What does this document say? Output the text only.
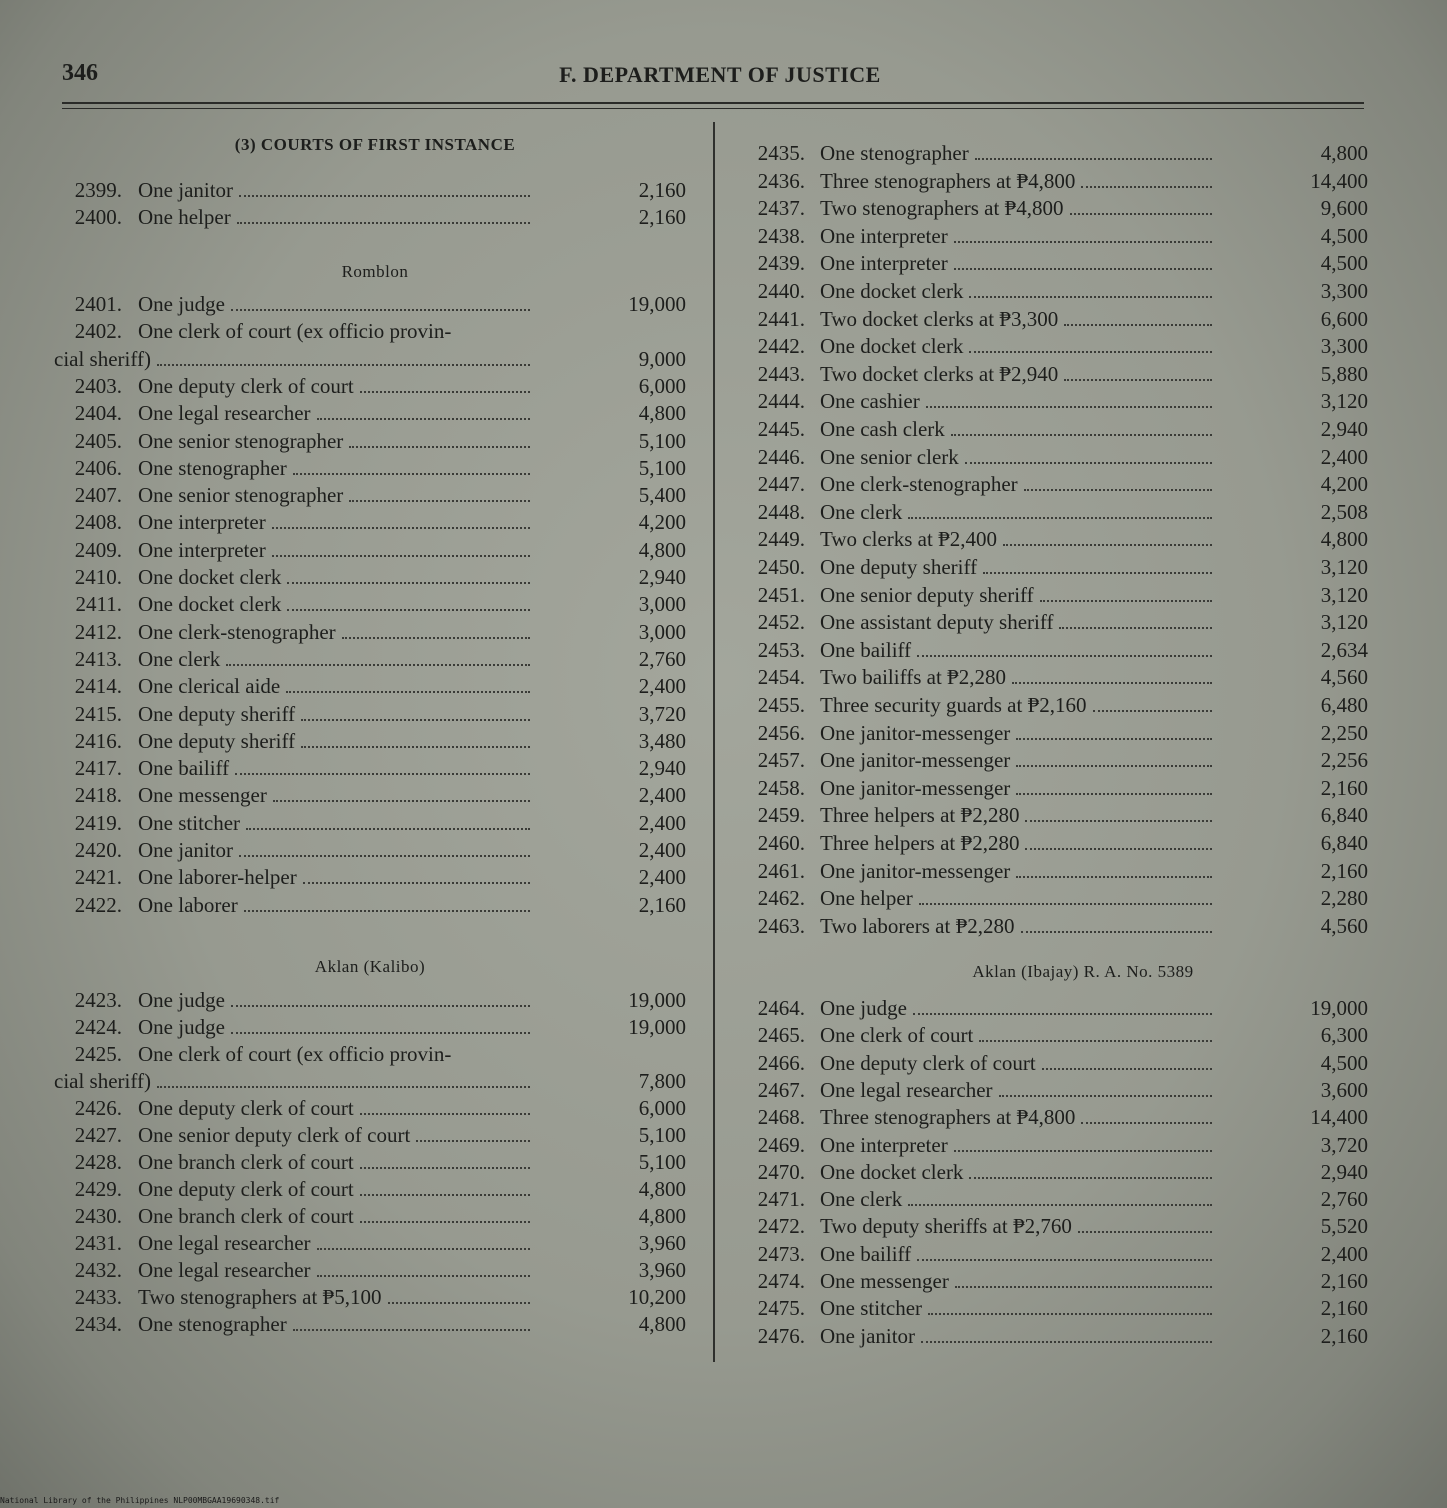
346	F. DEPARTMENT OF JUSTICE
(3) COURTS OF FIRST INSTANCE
Romblon
Aklan (Kalibo)
2399. One janitor	2,160
2400. One helper	2,160
2401. One judge	19,000
2402. One clerk of court (ex officio provin-
cial sheriff)	9,000
2403. One deputy clerk of court	6,000
2404. One legal researcher	4,800
2405. One senior stenographer	5,100
2406. One stenographer	5,100
2407. One senior stenographer	5,400
2408. One interpreter	4,200
2409. One interpreter	4,800
2410. One docket clerk	2,940
2411. One docket clerk	3,000
2412. One clerk-stenographer	3,000
2413. One clerk	2,760
2414. One clerical aide	2,400
2415. One deputy sheriff	3,720
2416. One deputy sheriff	3,480
2417. One bailiff	2,940
2418. One messenger	2,400
2419. One stitcher	2,400
2420. One janitor	2,400
2421. One laborer-helper	2,400
2422. One laborer	2,160
2423. One judge	19,000
2424. One judge	19,000
2425. One clerk of court (ex officio provin-
cial sheriff)	7,800
2426. One deputy clerk of court	6,000
2427. One senior deputy clerk of court	5,100
2428. One branch clerk of court	5,100
2429. One deputy clerk of court	4,800
2430. One branch clerk of court	4,800
2431. One legal researcher	3,960
2432. One legal researcher	3,960
2433. Two stenographers at ₱5,100	10,200
2434. One stenographer	4,800
Aklan (Ibajay) R. A. No. 5389
2435. One stenographer	4,800
2436. Three stenographers at ₱4,800	14,400
2437. Two stenographers at ₱4,800	9,600
2438. One interpreter	4,500
2439. One interpreter	4,500
2440. One docket clerk	3,300
2441. Two docket clerks at ₱3,300	6,600
2442. One docket clerk	3,300
2443. Two docket clerks at ₱2,940	5,880
2444. One cashier	3,120
2445. One cash clerk	2,940
2446. One senior clerk	2,400
2447. One clerk-stenographer	4,200
2448. One clerk	2,508
2449. Two clerks at ₱2,400	4,800
2450. One deputy sheriff	3,120
2451. One senior deputy sheriff	3,120
2452. One assistant deputy sheriff	3,120
2453. One bailiff	2,634
2454. Two bailiffs at ₱2,280	4,560
2455. Three security guards at ₱2,160	6,480
2456. One janitor-messenger	2,250
2457. One janitor-messenger	2,256
2458. One janitor-messenger	2,160
2459. Three helpers at ₱2,280	6,840
2460. Three helpers at ₱2,280	6,840
2461. One janitor-messenger	2,160
2462. One helper	2,280
2463. Two laborers at ₱2,280	4,560
2464. One judge	19,000
2465. One clerk of court	6,300
2466. One deputy clerk of court	4,500
2467. One legal researcher	3,600
2468. Three stenographers at ₱4,800	14,400
2469. One interpreter	3,720
2470. One docket clerk	2,940
2471. One clerk	2,760
2472. Two deputy sheriffs at ₱2,760	5,520
2473. One bailiff	2,400
2474. One messenger	2,160
2475. One stitcher	2,160
2476. One janitor	2,160
National Library of the Philippines NLP00MBGAA19690348.tif
